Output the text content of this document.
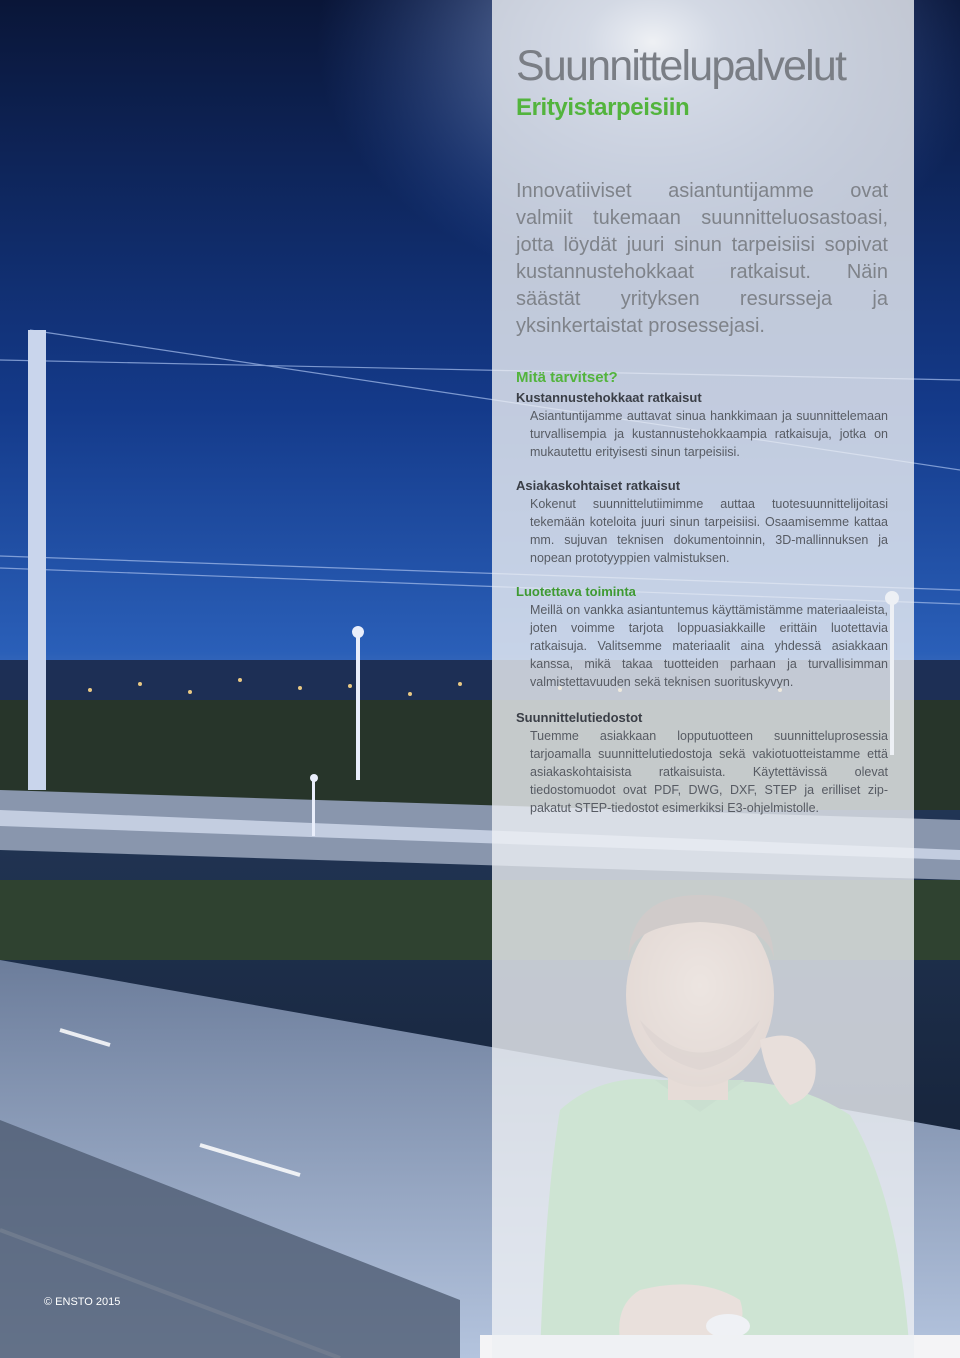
Suunnittelupalvelut
Erityistarpeisiin

Innovatiiviset asiantuntijamme ovat valmiit tukemaan suunnitteluosastoasi, jotta löydät juuri sinun tarpeisiisi sopivat kustannustehokkaat ratkaisut. Näin säästät yrityksen resursseja ja yksinkertaistat prosessejasi.

Mitä tarvitset?
Kustannustehokkaat ratkaisut

Asiantuntijamme auttavat sinua hankkimaan ja suunnittelemaan turvallisempia ja kustannustehokkaampia ratkaisuja, jotka on mukautettu erityisesti sinun tarpeisiisi.

Asiakaskohtaiset ratkaisut

Kokenut suunnittelutiimimme auttaa tuotesuunnittelijoitasi tekemään koteloita juuri sinun tarpeisiisi. Osaamisemme kattaa mm. sujuvan teknisen dokumentoinnin, 3D-mallinnuksen ja nopean prototyyppien valmistuksen.

Luotettava toiminta

Meillä on vankka asiantuntemus käyttämistämme materiaaleista, joten voimme tarjota loppuasiakkaille erittäin luotettavia ratkaisuja. Valitsemme materiaalit aina yhdessä asiakkaan kanssa, mikä takaa tuotteiden parhaan ja turvallisimman valmistettavuuden sekä teknisen suorituskyvyn.

Suunnittelutiedostot

Tuemme asiakkaan lopputuotteen suunnitteluprosessia tarjoamalla suunnittelutiedostoja sekä vakiotuotteistamme että asiakaskohtaisista ratkaisuista. Käytettävissä olevat tiedostomuodot ovat PDF, DWG, DXF, STEP ja erilliset zip-pakatut STEP-tiedostot esimerkiksi E3-ohjelmistolle.

© ENSTO 2015
